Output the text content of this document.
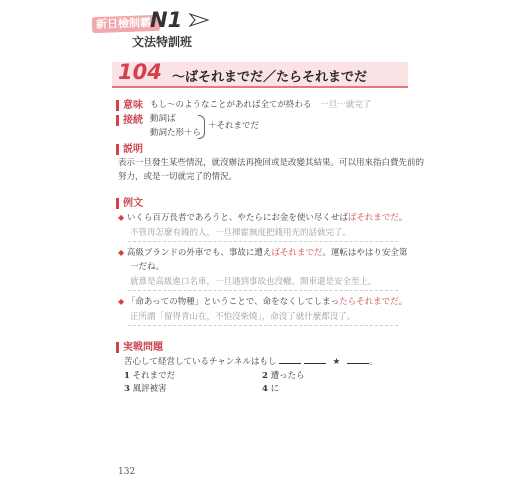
新日檢制霸!
N1
文法特訓班
104 ～ばそれまでだ／たらそれまでだ
意味 もし～のようなことがあれば全てが終わる 一旦⋯就完了
接続 動詞ば
動詞た形＋ら
＋それまでだ
説明
表示一旦發生某些情況，就沒辦法再挽回或是改變其結果。可以用來指白費先前的
努力，或是一切就完了的情況。
例文
◆ いくら百万長者であろうと、やたらにお金を使い尽くせばばそれまでだ。
不管再怎麼有錢的人，一旦揮霍無度把錢用光的話就完了。
◆ 高級ブランドの外車でも、事故に遭えばそれまでだ。運転はやはり安全第
一だね。
就算是高級進口名車，一旦遇到事故也沒轍。開車還是安全至上。
◆ 「命あっての物種」ということで、命をなくしてしまったらそれまでだ。
正所謂「留得青山在，不怕沒柴燒」，命沒了就什麼都沒了。
実戦問題
苦心して経営しているチャンネルはもし	★	。
1 それまでだ	2 遭ったら
3 風評被害	4 に
132
